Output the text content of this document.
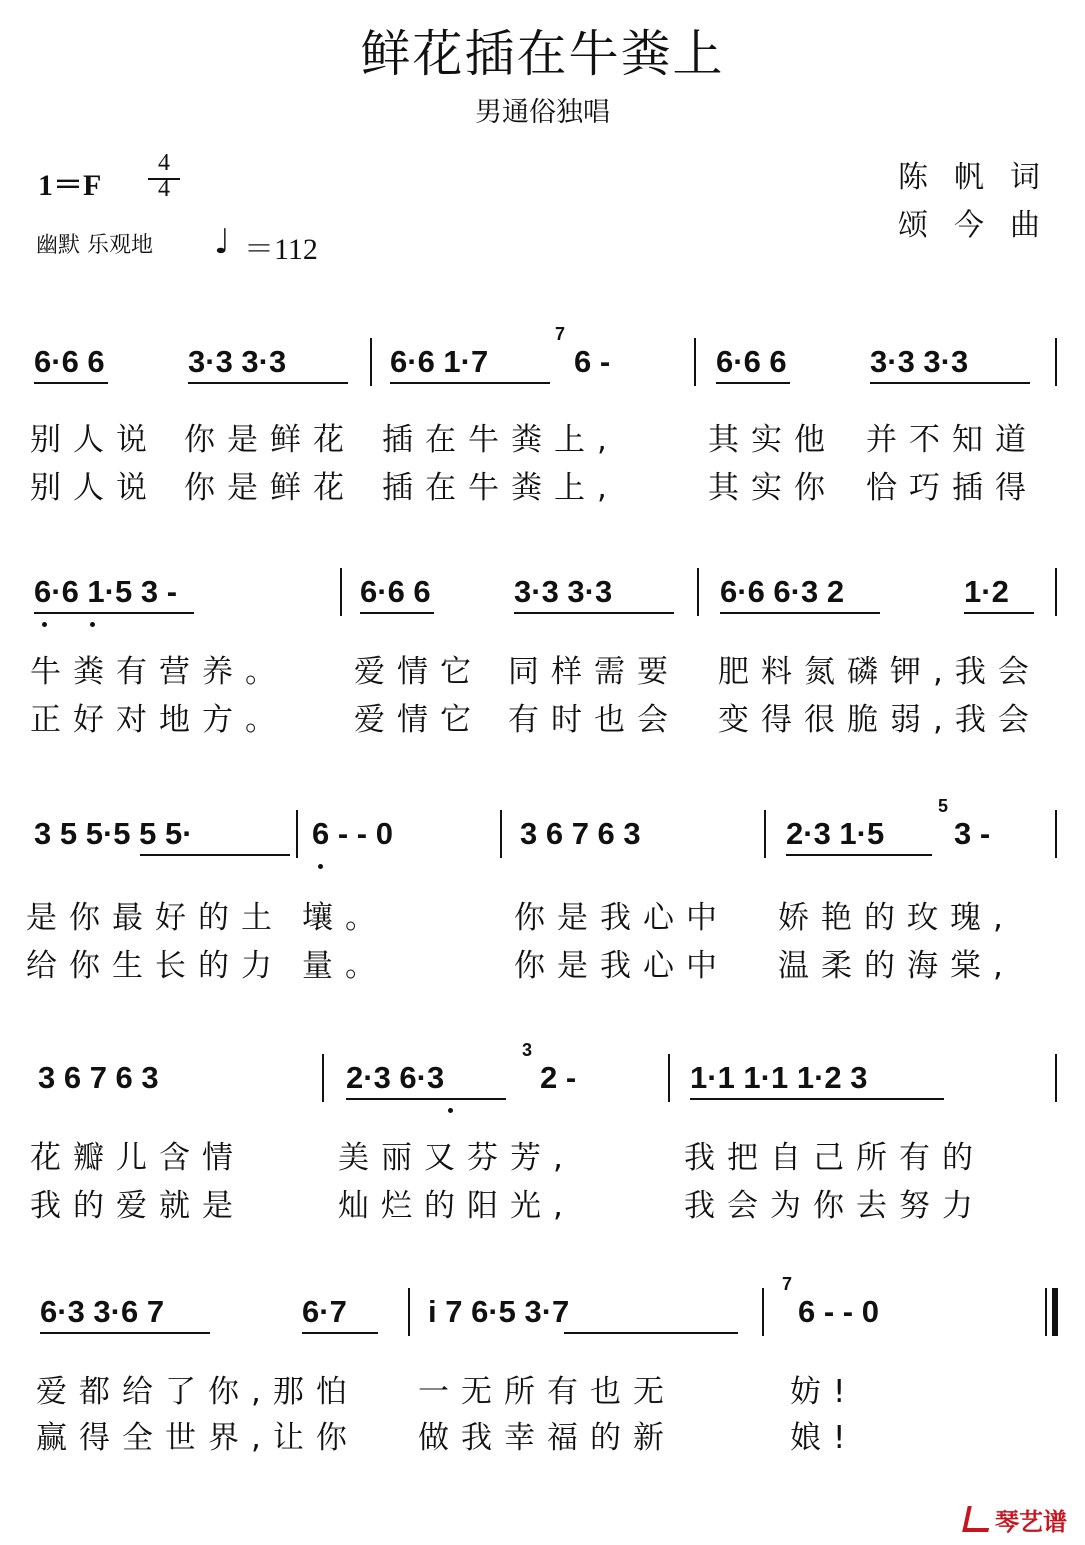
鲜花插在牛粪上
男通俗独唱
1＝F
4
4
幽默 乐观地 ♩ ＝112
陈帆词
颂今曲
6·6 6	3·3 3·3	6·6 1·7
7
6 -	6·6 6	3·3 3·3
别人说 你是鲜花 插在牛粪上,	其实他 并不知道
别人说 你是鲜花 插在牛粪上,	其实你 恰巧插得
6·6 1·5 3 -	6·6 6	3·3 3·3	6·6 6·3 2	1·2
牛粪有营养。 爱情它 同样需要 肥料氮磷钾,我会
正好对地方。 爱情它 有时也会 变得很脆弱,我会
3 5 5·5 5 5·	6 - - 0	3 6 7 6 3	2·3 1·5
5
3 -
是你最好的土 壤。	你是我心中 娇艳的玫瑰,
给你生长的力 量。	你是我心中 温柔的海棠,
3 6 7 6 3	2·3 6·3
3
2 -	1·1 1·1 1·2 3
花瓣儿含情	美丽又芬芳,	我把自己所有的
我的爱就是	灿烂的阳光,	我会为你去努力
6·3 3·6 7	6·7	i 7 6·5 3·7
7
6 - - 0
爱都给了你,那怕 一无所有也无	妨!
赢得全世界,让你 做我幸福的新	娘!
琴艺谱
